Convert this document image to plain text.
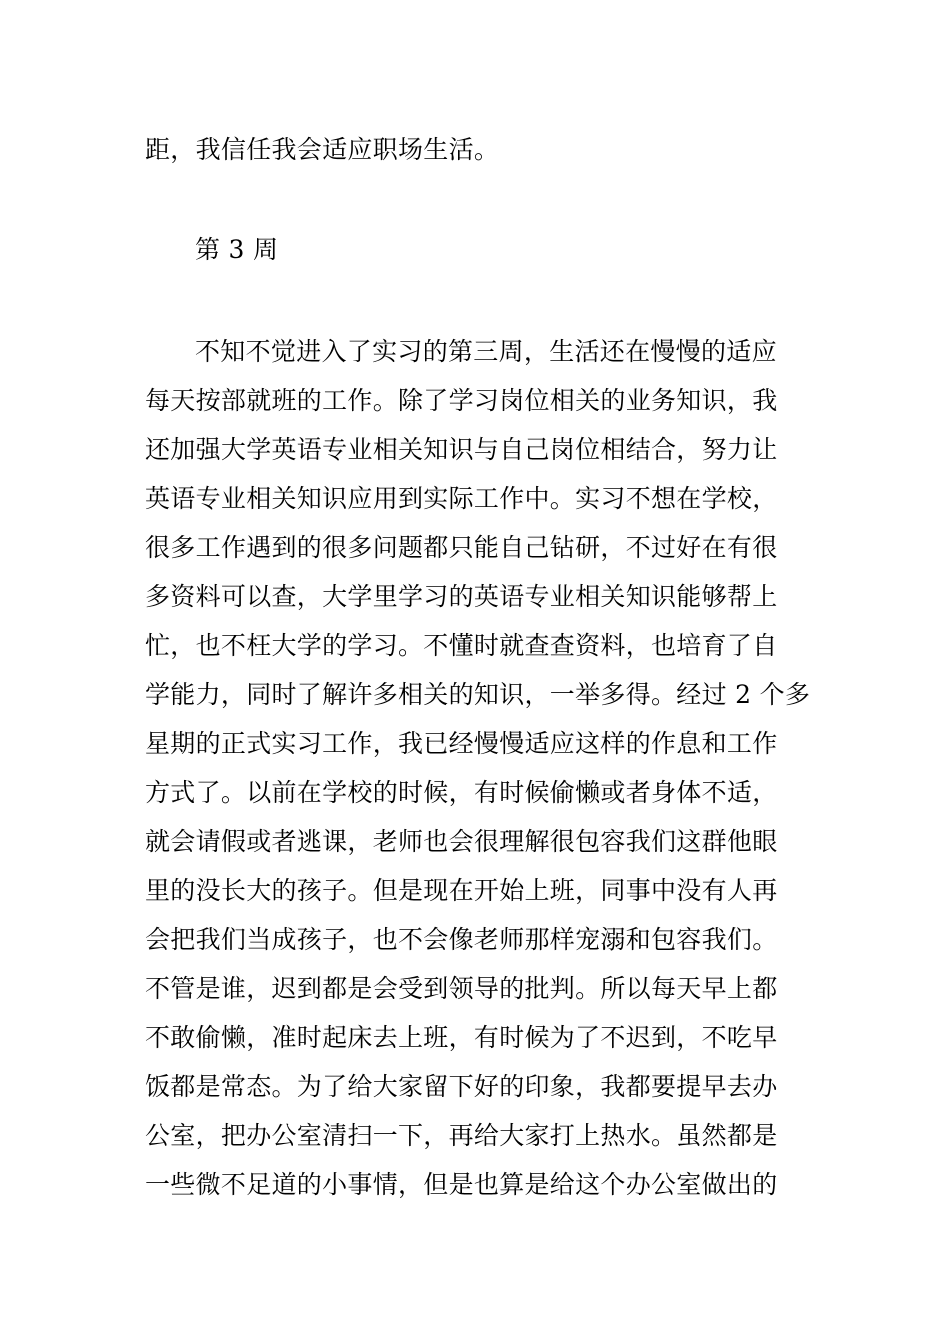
距，我信任我会适应职场生活。
第 3 周
不知不觉进入了实习的第三周，生活还在慢慢的适应
每天按部就班的工作。除了学习岗位相关的业务知识，我
还加强大学英语专业相关知识与自己岗位相结合，努力让
英语专业相关知识应用到实际工作中。实习不想在学校，
很多工作遇到的很多问题都只能自己钻研，不过好在有很
多资料可以查，大学里学习的英语专业相关知识能够帮上
忙，也不枉大学的学习。不懂时就查查资料，也培育了自
学能力，同时了解许多相关的知识，一举多得。经过 2 个多
星期的正式实习工作，我已经慢慢适应这样的作息和工作
方式了。以前在学校的时候，有时候偷懒或者身体不适，
就会请假或者逃课，老师也会很理解很包容我们这群他眼
里的没长大的孩子。但是现在开始上班，同事中没有人再
会把我们当成孩子，也不会像老师那样宠溺和包容我们。
不管是谁，迟到都是会受到领导的批判。所以每天早上都
不敢偷懒，准时起床去上班，有时候为了不迟到，不吃早
饭都是常态。为了给大家留下好的印象，我都要提早去办
公室，把办公室清扫一下，再给大家打上热水。虽然都是
一些微不足道的小事情，但是也算是给这个办公室做出的
